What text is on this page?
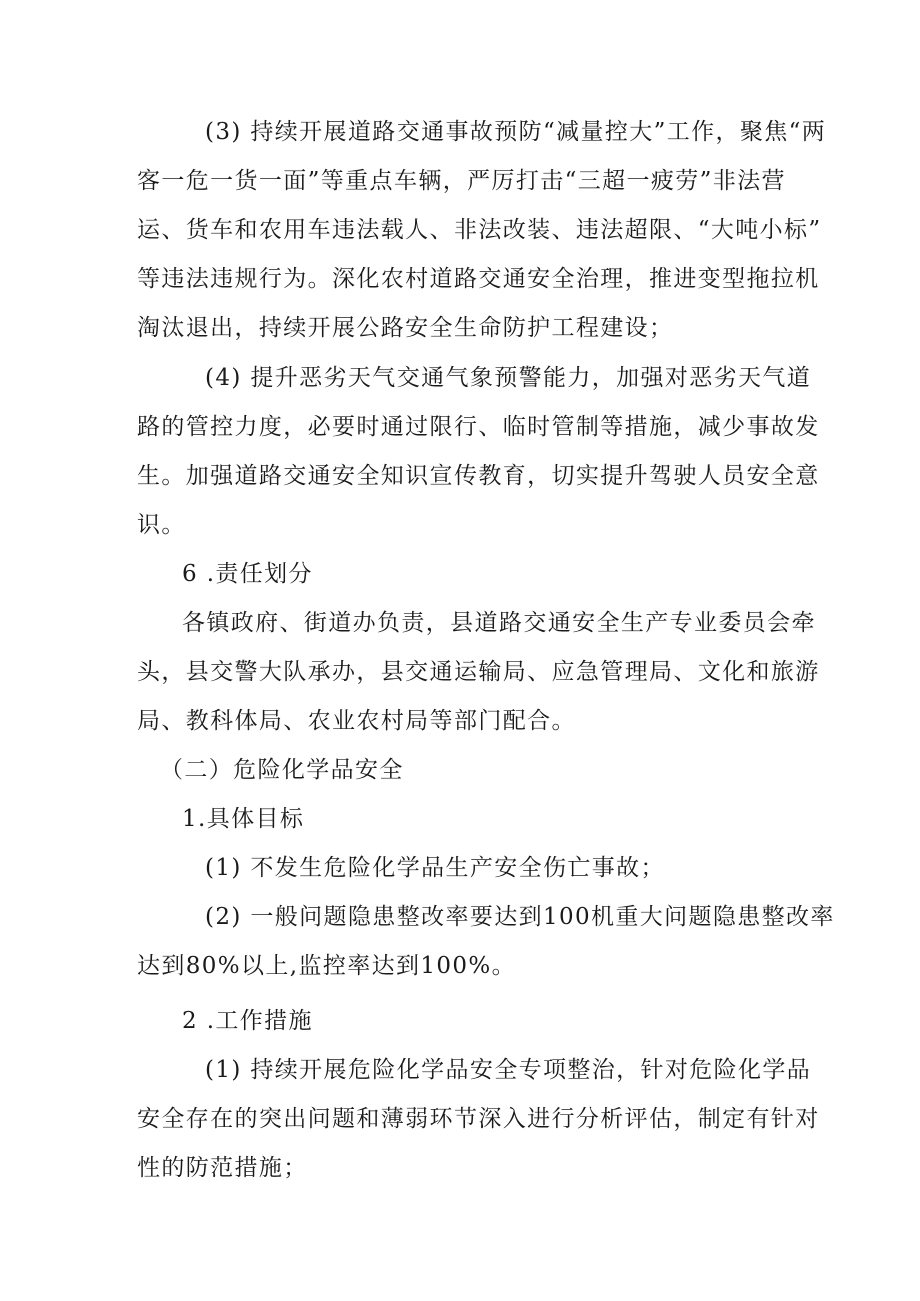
(3) 持续开展道路交通事故预防“减量控大”工作，聚焦“两
客一危一货一面”等重点车辆，严厉打击“三超一疲劳”非法营
运、货车和农用车违法载人、非法改装、违法超限、“大吨小标”
等违法违规行为。深化农村道路交通安全治理，推进变型拖拉机
淘汰退出，持续开展公路安全生命防护工程建设；
(4) 提升恶劣天气交通气象预警能力，加强对恶劣天气道
路的管控力度，必要时通过限行、临时管制等措施，减少事故发
生。加强道路交通安全知识宣传教育，切实提升驾驶人员安全意
识。
6 .责任划分
各镇政府、街道办负责，县道路交通安全生产专业委员会牵
头，县交警大队承办，县交通运输局、应急管理局、文化和旅游
局、教科体局、农业农村局等部门配合。
（二）危险化学品安全
1.具体目标
(1) 不发生危险化学品生产安全伤亡事故；
(2) 一般问题隐患整改率要达到100机重大问题隐患整改率
达到80%以上,监控率达到100%。
2 .工作措施
(1) 持续开展危险化学品安全专项整治，针对危险化学品
安全存在的突出问题和薄弱环节深入进行分析评估，制定有针对
性的防范措施；
